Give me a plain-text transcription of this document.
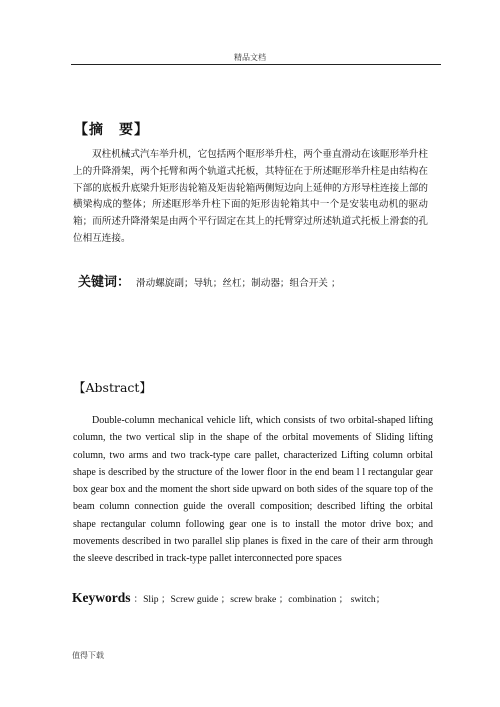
精品文档
【摘　要】

双柱机械式汽车举升机，它包括两个眶形举升柱，两个垂直滑动在该眶形举升柱上的升降滑架，两个托臂和两个轨道式托板，其特征在于所述眶形举升柱是由结构在下部的底板升底梁升矩形齿轮箱及矩齿轮箱两侧短边向上延伸的方形导柱连接上部的横梁构成的整体；所述眶形举升柱下面的矩形齿轮箱其中一个是安装电动机的驱动箱；而所述升降滑架是由两个平行固定在其上的托臂穿过所述轨道式托板上滑套的孔位相互连接。

关键词： 滑动螺旋副；导轨；丝杠；制动器；组合开关 ；
【Abstract】

Double-column mechanical vehicle lift, which consists of two orbital-shaped lifting column, the two vertical slip in the shape of the orbital movements of Sliding lifting column, two arms and two track-type care pallet, characterized Lifting column orbital shape is described by the structure of the lower floor in the end beam l l rectangular gear box gear box and the moment the short side upward on both sides of the square top of the beam column connection guide the overall composition; described lifting the orbital shape rectangular column following gear one is to install the motor drive box; and movements described in two parallel slip planes is fixed in the care of their arm through the sleeve described in track-type pallet interconnected pore spaces

Keywords ：Slip ；Screw guide ；screw brake ；combination ； switch；
值得下载
